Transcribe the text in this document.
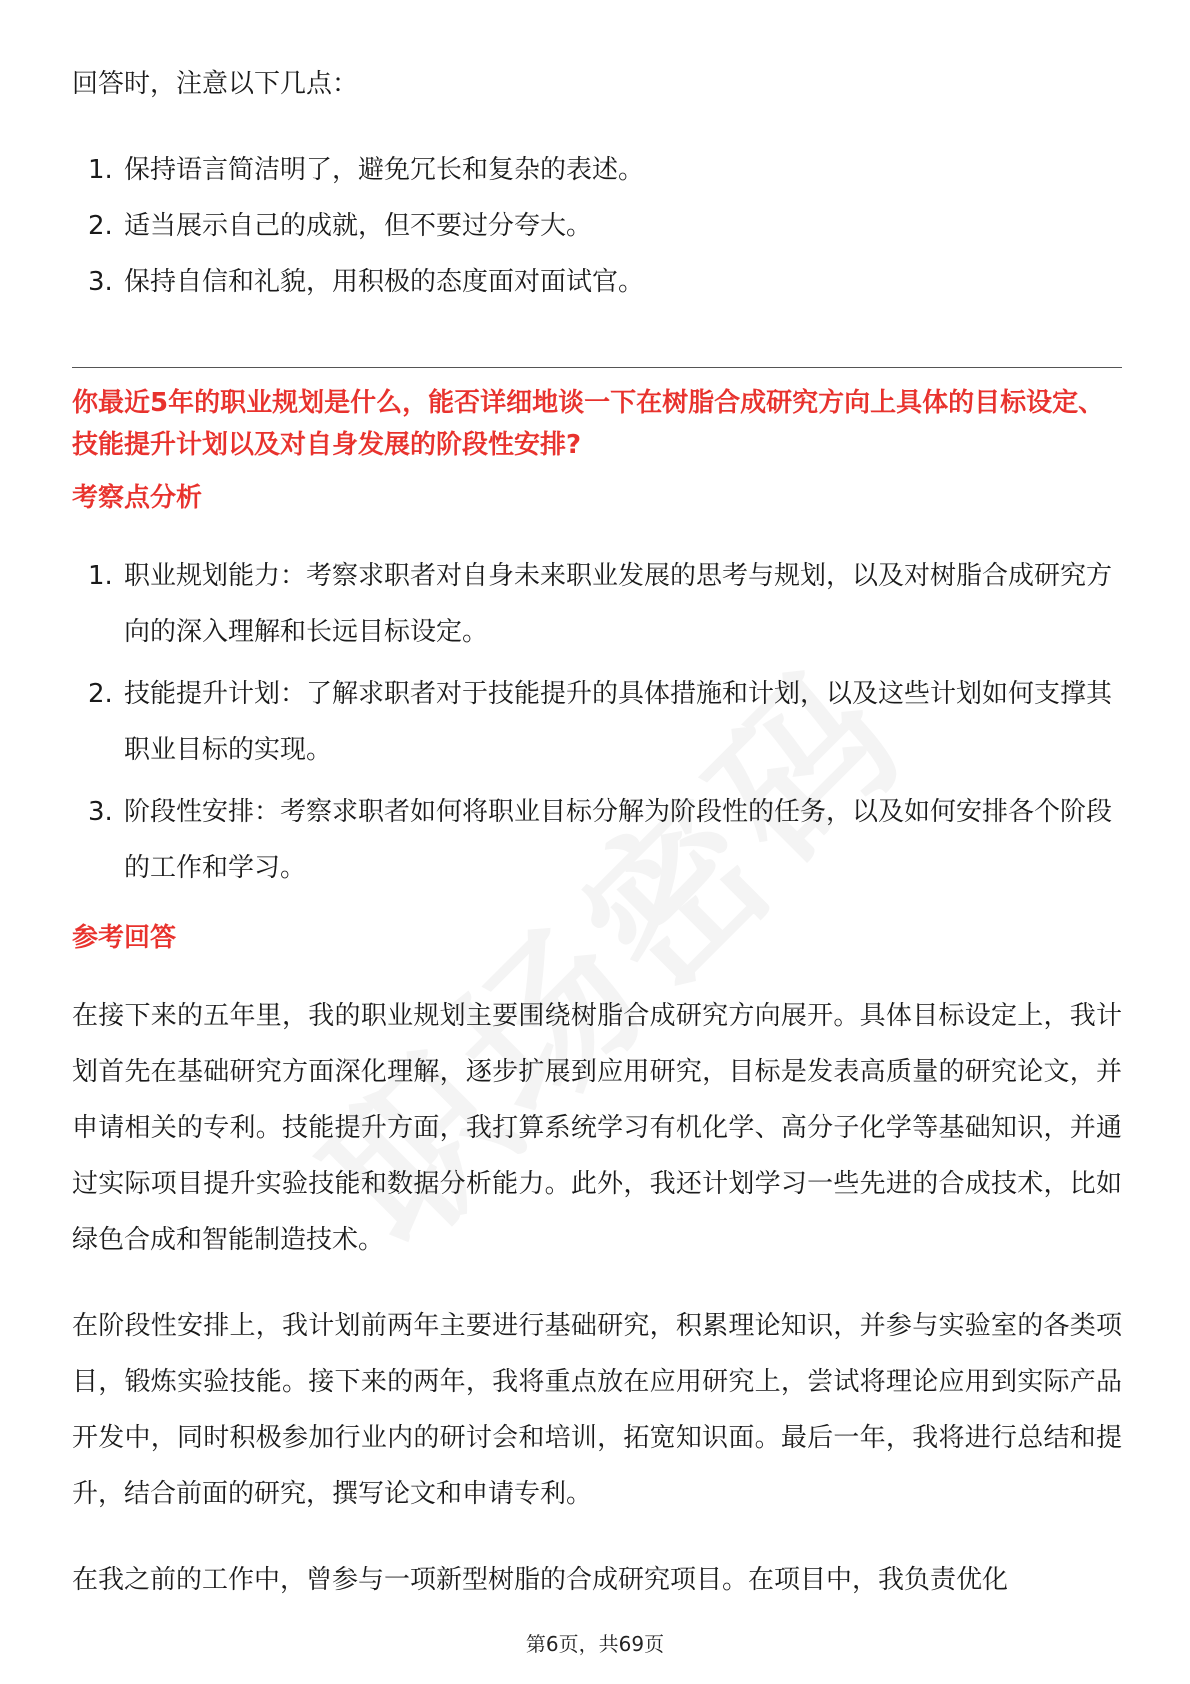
回答时，注意以下几点：

1. 保持语言简洁明了，避免冗长和复杂的表述。
2. 适当展示自己的成就，但不要过分夸大。
3. 保持自信和礼貌，用积极的态度面对面试官。

你最近5年的职业规划是什么，能否详细地谈一下在树脂合成研究方向上具体的目标设定、技能提升计划以及对自身发展的阶段性安排?

考察点分析

1. 职业规划能力：考察求职者对自身未来职业发展的思考与规划，以及对树脂合成研究方向的深入理解和长远目标设定。
2. 技能提升计划：了解求职者对于技能提升的具体措施和计划，以及这些计划如何支撑其职业目标的实现。
3. 阶段性安排：考察求职者如何将职业目标分解为阶段性的任务，以及如何安排各个阶段的工作和学习。

参考回答

在接下来的五年里，我的职业规划主要围绕树脂合成研究方向展开。具体目标设定上，我计划首先在基础研究方面深化理解，逐步扩展到应用研究，目标是发表高质量的研究论文，并申请相关的专利。技能提升方面，我打算系统学习有机化学、高分子化学等基础知识，并通过实际项目提升实验技能和数据分析能力。此外，我还计划学习一些先进的合成技术，比如绿色合成和智能制造技术。

在阶段性安排上，我计划前两年主要进行基础研究，积累理论知识，并参与实验室的各类项目，锻炼实验技能。接下来的两年，我将重点放在应用研究上，尝试将理论应用到实际产品开发中，同时积极参加行业内的研讨会和培训，拓宽知识面。最后一年，我将进行总结和提升，结合前面的研究，撰写论文和申请专利。

在我之前的工作中，曾参与一项新型树脂的合成研究项目。在项目中，我负责优化

第6页，共69页
